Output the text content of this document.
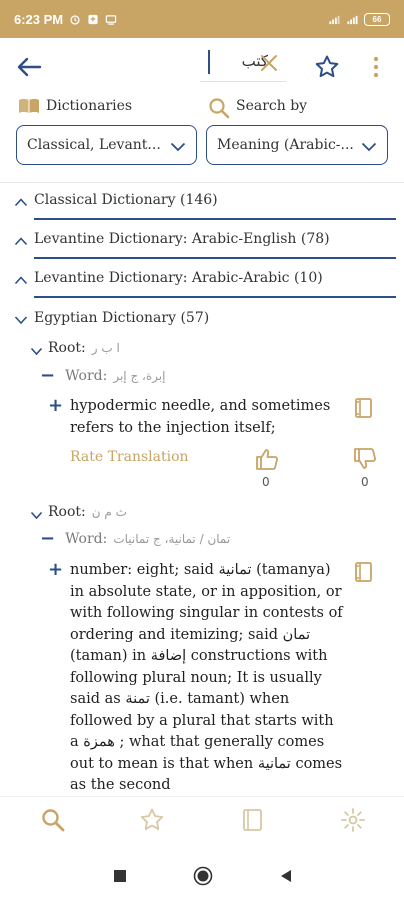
6:23 PM	66
كتب
Dictionaries	Search by
Classical, Levant...	Meaning (Arabic-...
Classical Dictionary (146)
Levantine Dictionary: Arabic-English (78)
Levantine Dictionary: Arabic-Arabic (10)
Egyptian Dictionary (57)
Root: ا ب ر
− Word: إبرة، ج إبر
+ hypodermic needle, and sometimes refers to the injection itself;
Rate Translation
0	0
Root: ث م ن
− Word: تمان / تمانية، ج تمانيات
+ number: eight; said تمانية (tamanya) in absolute state, or in apposition, or with following singular in contests of ordering and itemizing; said تمان (taman) in إضافة constructions with following plural noun; It is usually said as تمنة (i.e. tamant) when followed by a plural that starts with a همزة ; what that generally comes out to mean is that when تمانية comes as the second
